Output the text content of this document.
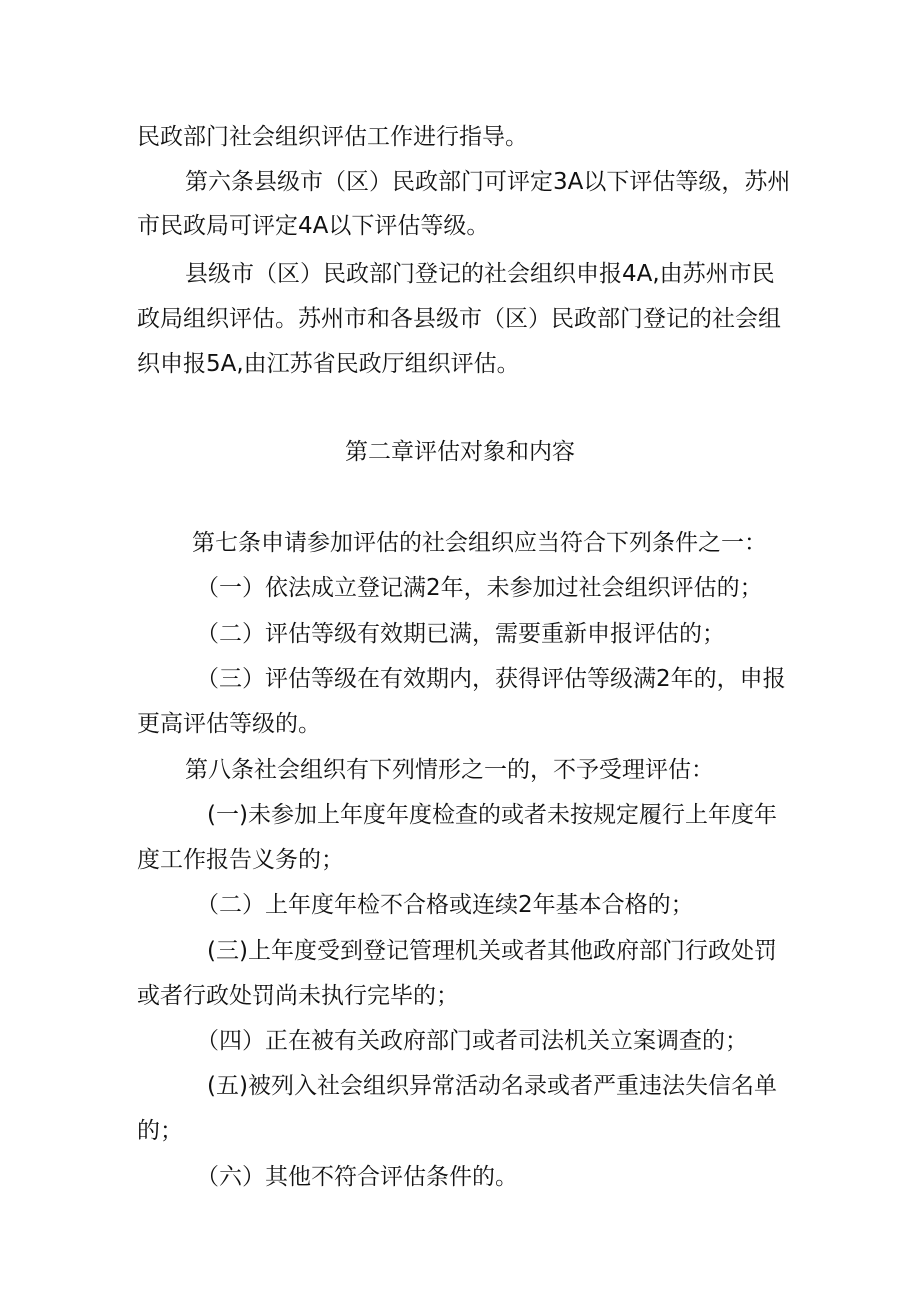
民政部门社会组织评估工作进行指导。

第六条县级市（区）民政部门可评定3A以下评估等级，苏州

市民政局可评定4A以下评估等级。

县级市（区）民政部门登记的社会组织申报4A,由苏州市民

政局组织评估。苏州市和各县级市（区）民政部门登记的社会组

织申报5A,由江苏省民政厅组织评估。

第二章评估对象和内容

第七条申请参加评估的社会组织应当符合下列条件之一：

（一）依法成立登记满2年，未参加过社会组织评估的；

（二）评估等级有效期已满，需要重新申报评估的；

（三）评估等级在有效期内，获得评估等级满2年的，申报

更高评估等级的。

第八条社会组织有下列情形之一的，不予受理评估：

(一)未参加上年度年度检查的或者未按规定履行上年度年

度工作报告义务的；

（二）上年度年检不合格或连续2年基本合格的；

(三)上年度受到登记管理机关或者其他政府部门行政处罚

或者行政处罚尚未执行完毕的；

（四）正在被有关政府部门或者司法机关立案调查的；

(五)被列入社会组织异常活动名录或者严重违法失信名单

的；

（六）其他不符合评估条件的。
